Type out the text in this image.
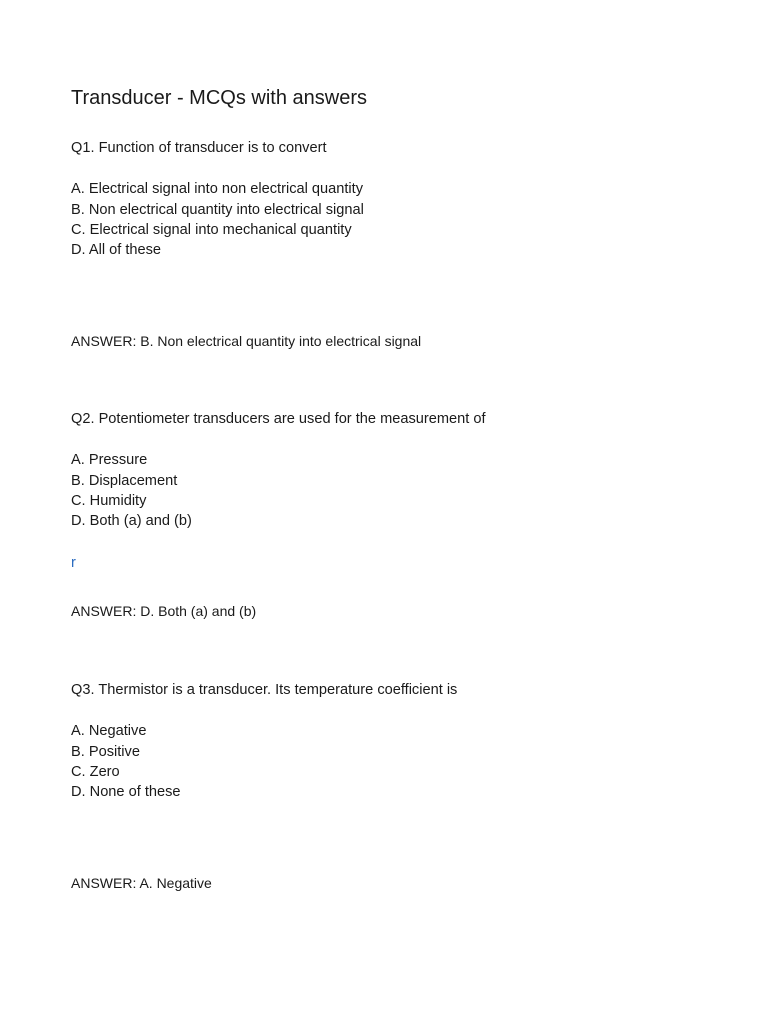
Transducer - MCQs with answers

Q1. Function of transducer is to convert

A. Electrical signal into non electrical quantity

B. Non electrical quantity into electrical signal

C. Electrical signal into mechanical quantity

D. All of these

ANSWER: B. Non electrical quantity into electrical signal

Q2. Potentiometer transducers are used for the measurement of

A. Pressure

B. Displacement

C. Humidity

D. Both (a) and (b)

r

ANSWER: D. Both (a) and (b)

Q3. Thermistor is a transducer. Its temperature coefficient is

A. Negative

B. Positive

C. Zero

D. None of these

ANSWER: A. Negative
